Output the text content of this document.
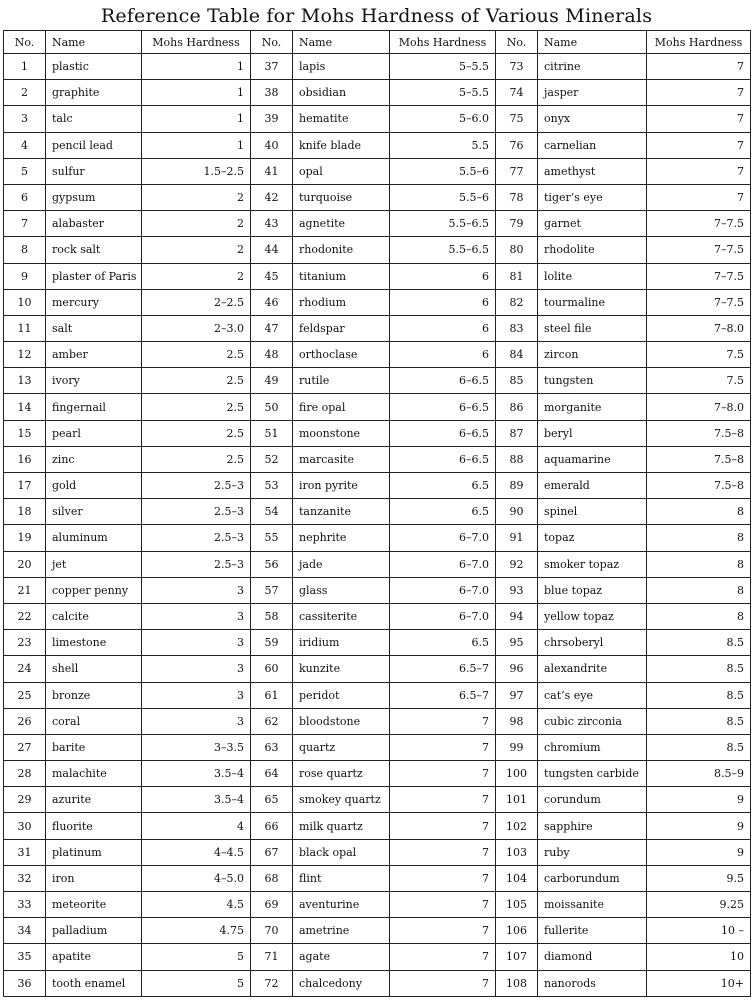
Reference Table for Mohs Hardness of Various Minerals
No.	Name	Mohs Hardness	No.	Name	Mohs Hardness	No.	Name	Mohs Hardness
1	plastic	1	37	lapis	5–5.5	73	citrine	7
2	graphite	1	38	obsidian	5–5.5	74	jasper	7
3	talc	1	39	hematite	5–6.0	75	onyx	7
4	pencil lead	1	40	knife blade	5.5	76	carnelian	7
5	sulfur	1.5–2.5	41	opal	5.5–6	77	amethyst	7
6	gypsum	2	42	turquoise	5.5–6	78	tiger’s eye	7
7	alabaster	2	43	agnetite	5.5–6.5	79	garnet	7–7.5
8	rock salt	2	44	rhodonite	5.5–6.5	80	rhodolite	7–7.5
9	plaster of Paris	2	45	titanium	6	81	lolite	7–7.5
10	mercury	2–2.5	46	rhodium	6	82	tourmaline	7–7.5
11	salt	2–3.0	47	feldspar	6	83	steel file	7–8.0
12	amber	2.5	48	orthoclase	6	84	zircon	7.5
13	ivory	2.5	49	rutile	6–6.5	85	tungsten	7.5
14	fingernail	2.5	50	fire opal	6–6.5	86	morganite	7–8.0
15	pearl	2.5	51	moonstone	6–6.5	87	beryl	7.5–8
16	zinc	2.5	52	marcasite	6–6.5	88	aquamarine	7.5–8
17	gold	2.5–3	53	iron pyrite	6.5	89	emerald	7.5–8
18	silver	2.5–3	54	tanzanite	6.5	90	spinel	8
19	aluminum	2.5–3	55	nephrite	6–7.0	91	topaz	8
20	jet	2.5–3	56	jade	6–7.0	92	smoker topaz	8
21	copper penny	3	57	glass	6–7.0	93	blue topaz	8
22	calcite	3	58	cassiterite	6–7.0	94	yellow topaz	8
23	limestone	3	59	iridium	6.5	95	chrsoberyl	8.5
24	shell	3	60	kunzite	6.5–7	96	alexandrite	8.5
25	bronze	3	61	peridot	6.5–7	97	cat’s eye	8.5
26	coral	3	62	bloodstone	7	98	cubic zirconia	8.5
27	barite	3–3.5	63	quartz	7	99	chromium	8.5
28	malachite	3.5–4	64	rose quartz	7	100	tungsten carbide	8.5–9
29	azurite	3.5–4	65	smokey quartz	7	101	corundum	9
30	fluorite	4	66	milk quartz	7	102	sapphire	9
31	platinum	4–4.5	67	black opal	7	103	ruby	9
32	iron	4–5.0	68	flint	7	104	carborundum	9.5
33	meteorite	4.5	69	aventurine	7	105	moissanite	9.25
34	palladium	4.75	70	ametrine	7	106	fullerite	10 –
35	apatite	5	71	agate	7	107	diamond	10
36	tooth enamel	5	72	chalcedony	7	108	nanorods	10+
